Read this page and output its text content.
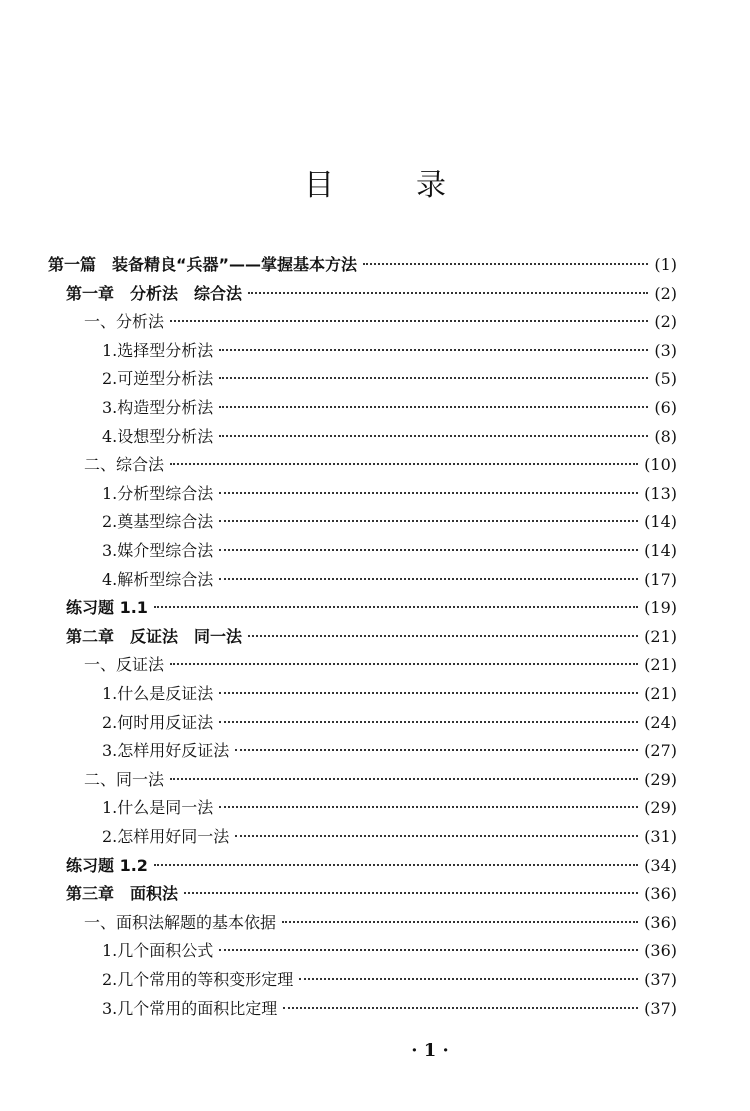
目　录
第一篇　装备精良“兵器”——掌握基本方法	(1)
第一章　分析法　综合法	(2)
一、分析法	(2)
1.选择型分析法	(3)
2.可逆型分析法	(5)
3.构造型分析法	(6)
4.设想型分析法	(8)
二、综合法	(10)
1.分析型综合法	(13)
2.奠基型综合法	(14)
3.媒介型综合法	(14)
4.解析型综合法	(17)
练习题 1.1	(19)
第二章　反证法　同一法	(21)
一、反证法	(21)
1.什么是反证法	(21)
2.何时用反证法	(24)
3.怎样用好反证法	(27)
二、同一法	(29)
1.什么是同一法	(29)
2.怎样用好同一法	(31)
练习题 1.2	(34)
第三章　面积法	(36)
一、面积法解题的基本依据	(36)
1.几个面积公式	(36)
2.几个常用的等积变形定理	(37)
3.几个常用的面积比定理	(37)
· 1 ·
